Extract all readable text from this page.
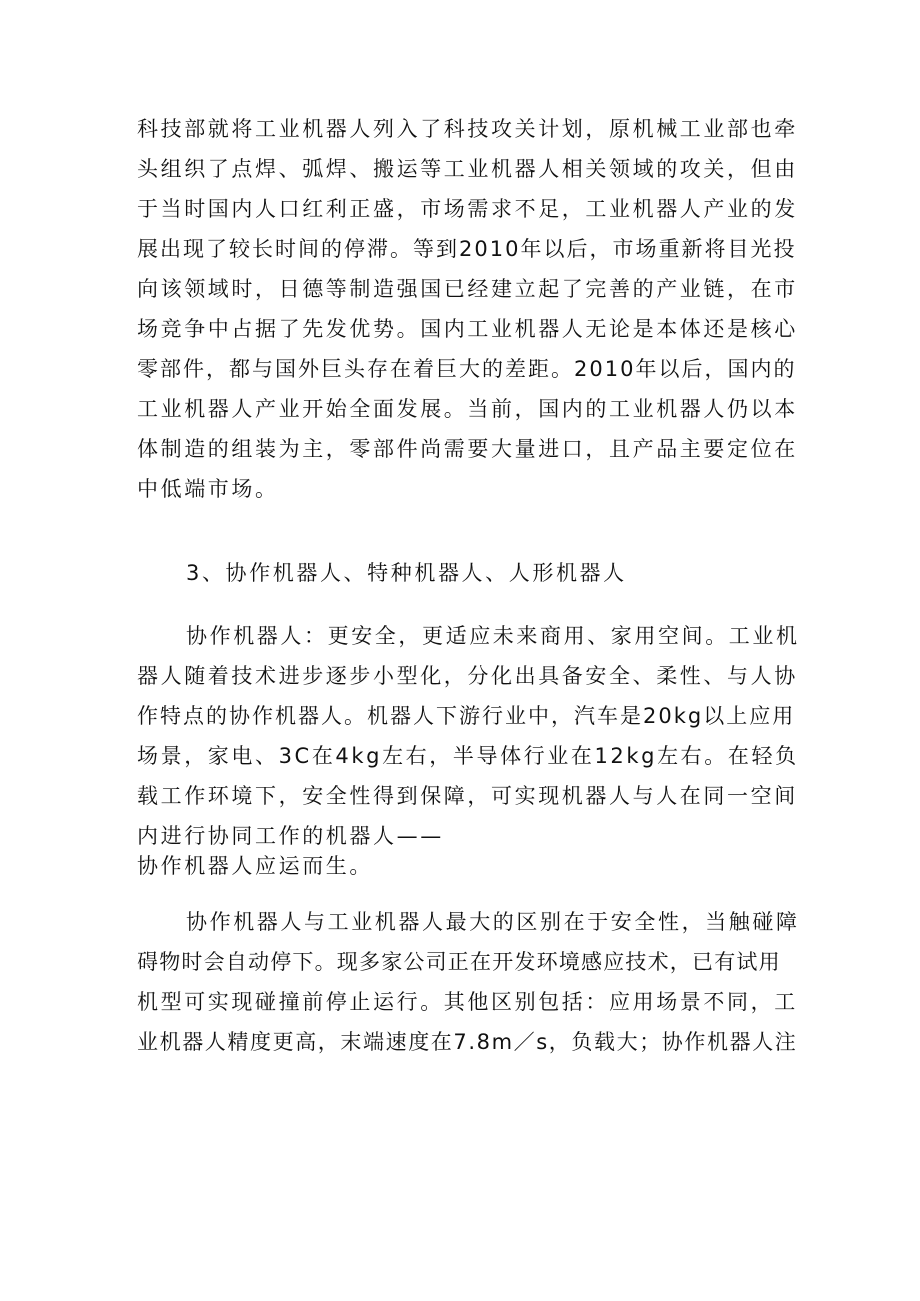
科技部就将工业机器人列入了科技攻关计划，原机械工业部也牵
头组织了点焊、弧焊、搬运等工业机器人相关领域的攻关，但由
于当时国内人口红利正盛，市场需求不足，工业机器人产业的发
展出现了较长时间的停滞。等到2010年以后，市场重新将目光投
向该领域时，日德等制造强国已经建立起了完善的产业链，在市
场竞争中占据了先发优势。国内工业机器人无论是本体还是核心
零部件，都与国外巨头存在着巨大的差距。2010年以后，国内的
工业机器人产业开始全面发展。当前，国内的工业机器人仍以本
体制造的组装为主，零部件尚需要大量进口，且产品主要定位在
中低端市场。
3、协作机器人、特种机器人、人形机器人
协作机器人：更安全，更适应未来商用、家用空间。工业机
器人随着技术进步逐步小型化，分化出具备安全、柔性、与人协
作特点的协作机器人。机器人下游行业中，汽车是20kg以上应用
场景，家电、3C在4kg左右，半导体行业在12kg左右。在轻负
载工作环境下，安全性得到保障，可实现机器人与人在同一空间
内进行协同工作的机器人——
协作机器人应运而生。
协作机器人与工业机器人最大的区别在于安全性，当触碰障
碍物时会自动停下。现多家公司正在开发环境感应技术，已有试用
机型可实现碰撞前停止运行。其他区别包括：应用场景不同，工
业机器人精度更高，末端速度在7.8m／s，负载大；协作机器人注
